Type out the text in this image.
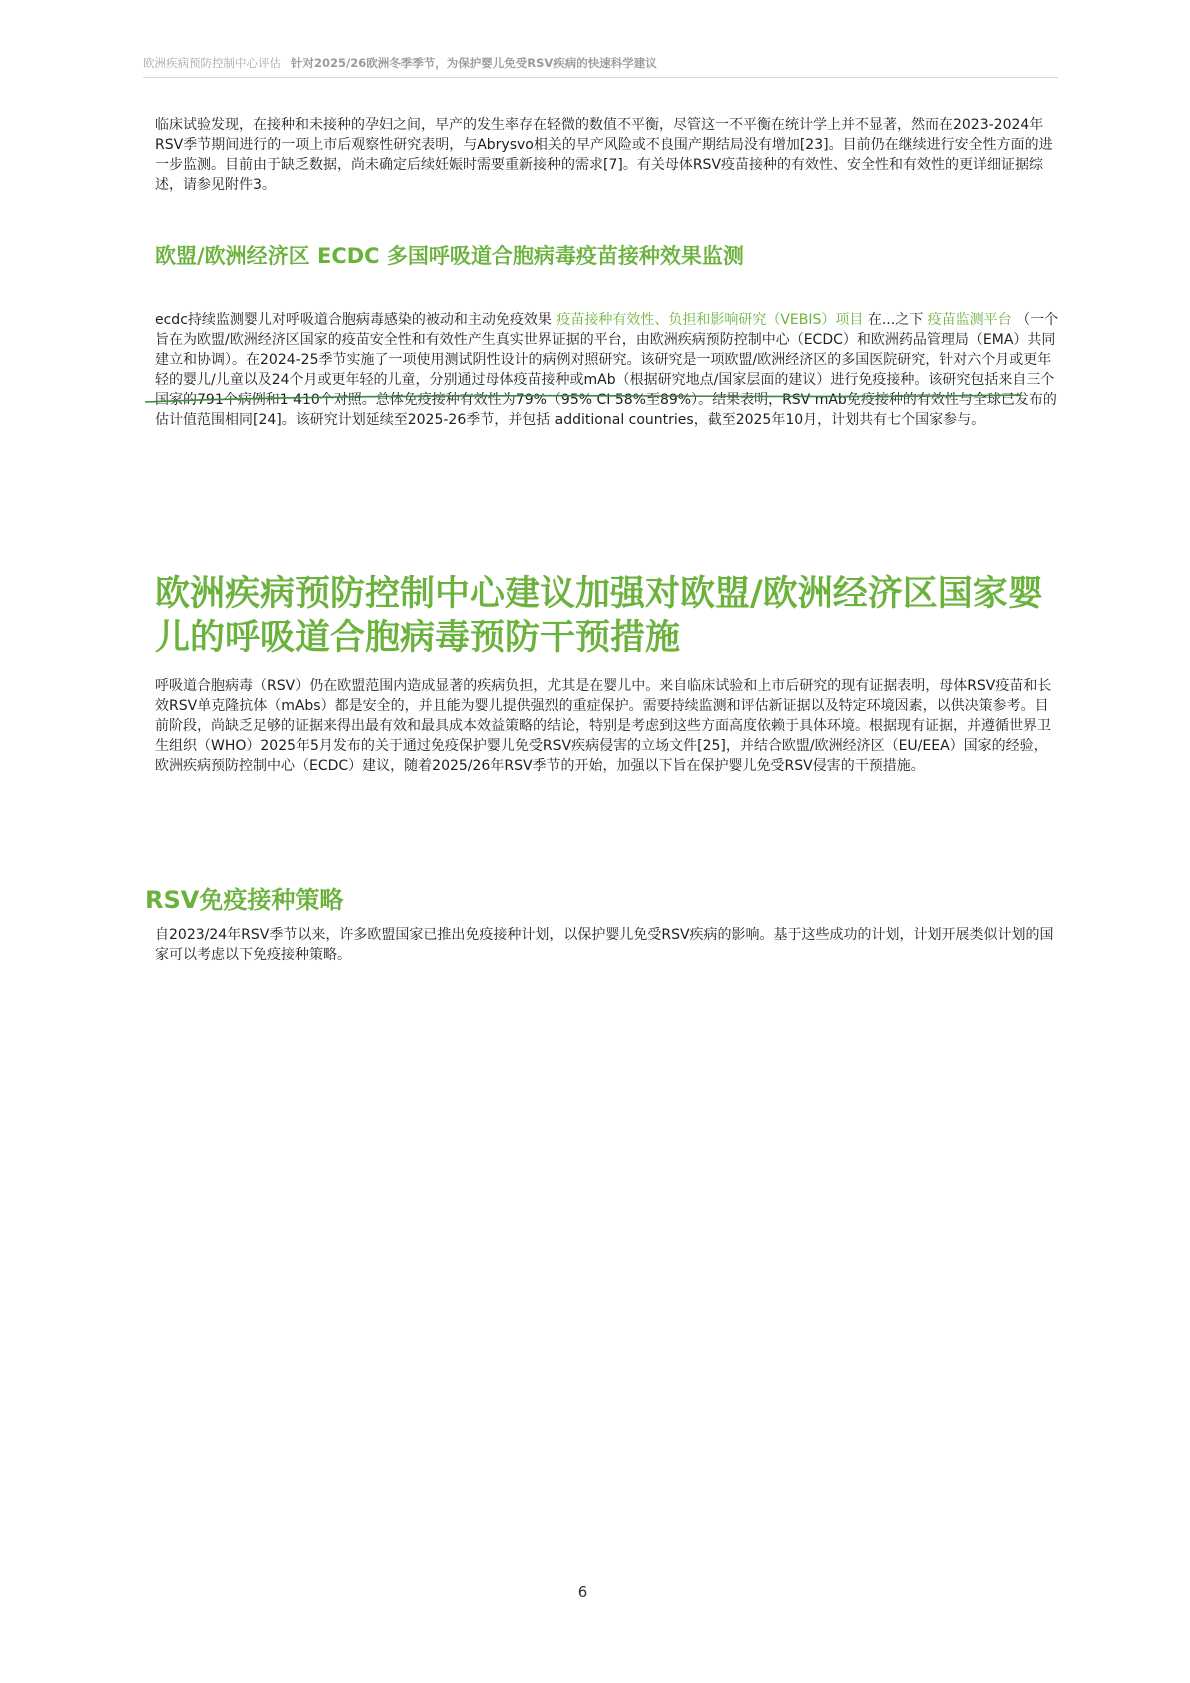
欧洲疾病预防控制中心评估 针对2025/26欧洲冬季季节，为保护婴儿免受RSV疾病的快速科学建议
临床试验发现，在接种和未接种的孕妇之间，早产的发生率存在轻微的数值不平衡，尽管这一不平衡在统计学上并不显著，然而在2023-2024年RSV季节期间进行的一项上市后观察性研究表明，与Abrysvo相关的早产风险或不良围产期结局没有增加[23]。目前仍在继续进行安全性方面的进一步监测。目前由于缺乏数据，尚未确定后续妊娠时需要重新接种的需求[7]。有关母体RSV疫苗接种的有效性、安全性和有效性的更详细证据综述，请参见附件3。
欧盟/欧洲经济区 ECDC 多国呼吸道合胞病毒疫苗接种效果监测
ecdc持续监测婴儿对呼吸道合胞病毒感染的被动和主动免疫效果 疫苗接种有效性、负担和影响研究（VEBIS）项目 在...之下 疫苗监测平台 （一个旨在为欧盟/欧洲经济区国家的疫苗安全性和有效性产生真实世界证据的平台，由欧洲疾病预防控制中心（ECDC）和欧洲药品管理局（EMA）共同建立和协调）。在2024-25季节实施了一项使用测试阴性设计的病例对照研究。该研究是一项欧盟/欧洲经济区的多国医院研究，针对六个月或更年轻的婴儿/儿童以及24个月或更年轻的儿童，分别通过母体疫苗接种或mAb（根据研究地点/国家层面的建议）进行免疫接种。该研究包括来自三个国家的791个病例和1 410个对照。总体免疫接种有效性为79%（95% CI 58%至89%）。结果表明，RSV mAb免疫接种的有效性与全球已发布的估计值范围相同[24]。该研究计划延续至2025-26季节，并包括 additional countries，截至2025年10月，计划共有七个国家参与。
欧洲疾病预防控制中心建议加强对欧盟/欧洲经济区国家婴儿的呼吸道合胞病毒预防干预措施
呼吸道合胞病毒（RSV）仍在欧盟范围内造成显著的疾病负担，尤其是在婴儿中。来自临床试验和上市后研究的现有证据表明，母体RSV疫苗和长效RSV单克隆抗体（mAbs）都是安全的，并且能为婴儿提供强烈的重症保护。需要持续监测和评估新证据以及特定环境因素，以供决策参考。目前阶段，尚缺乏足够的证据来得出最有效和最具成本效益策略的结论，特别是考虑到这些方面高度依赖于具体环境。根据现有证据，并遵循世界卫生组织（WHO）2025年5月发布的关于通过免疫保护婴儿免受RSV疾病侵害的立场文件[25]，并结合欧盟/欧洲经济区（EU/EEA）国家的经验，欧洲疾病预防控制中心（ECDC）建议，随着2025/26年RSV季节的开始，加强以下旨在保护婴儿免受RSV侵害的干预措施。
RSV免疫接种策略
自2023/24年RSV季节以来，许多欧盟国家已推出免疫接种计划，以保护婴儿免受RSV疾病的影响。基于这些成功的计划，计划开展类似计划的国家可以考虑以下免疫接种策略。
6
